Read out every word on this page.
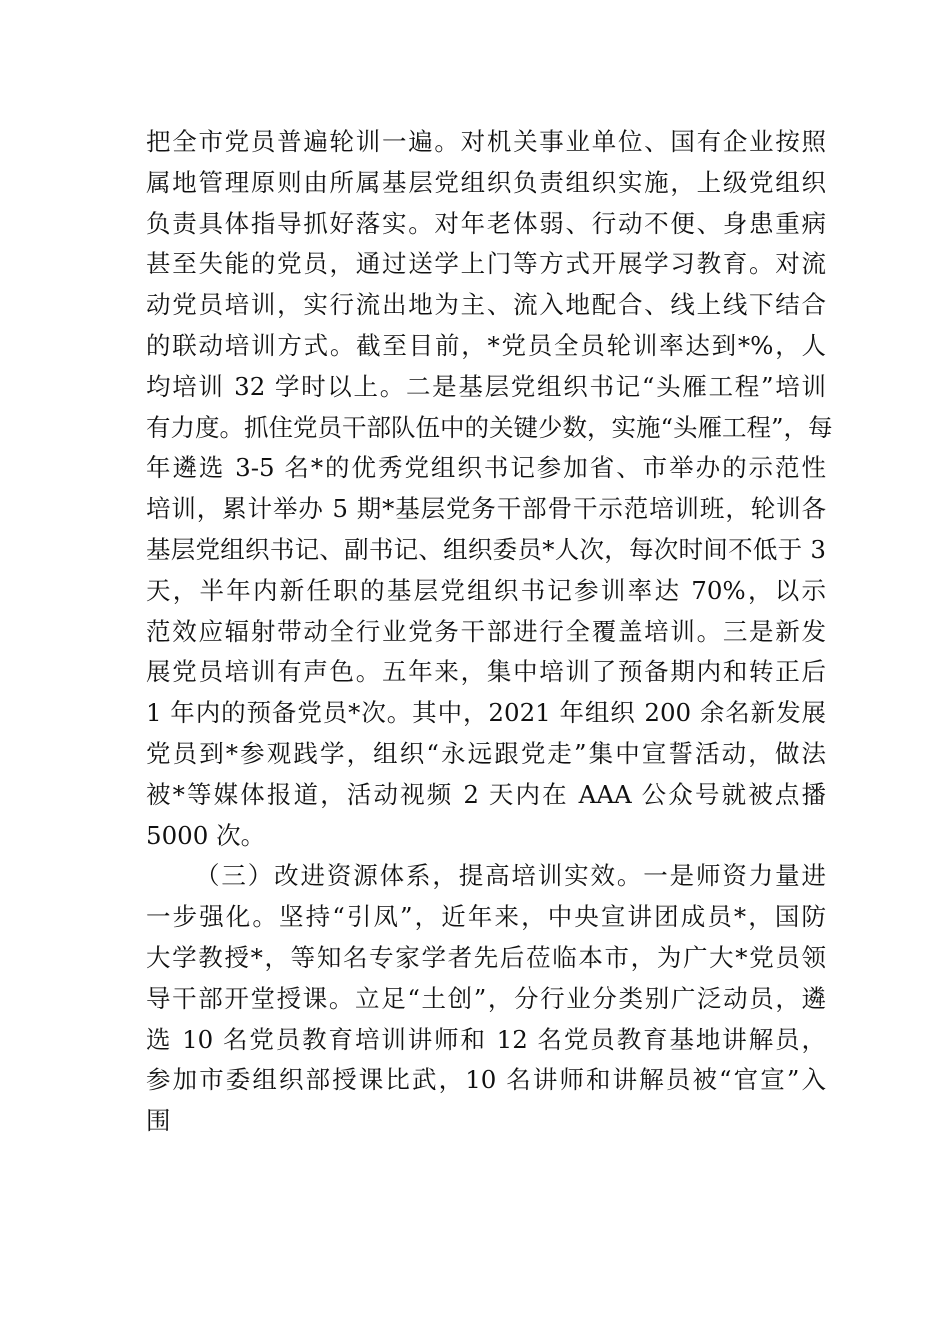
把全市党员普遍轮训一遍。对机关事业单位、国有企业按照
属地管理原则由所属基层党组织负责组织实施，上级党组织
负责具体指导抓好落实。对年老体弱、行动不便、身患重病
甚至失能的党员，通过送学上门等方式开展学习教育。对流
动党员培训，实行流出地为主、流入地配合、线上线下结合
的联动培训方式。截至目前，*党员全员轮训率达到*%，人
均培训 32 学时以上。二是基层党组织书记“头雁工程”培训
有力度。抓住党员干部队伍中的关键少数，实施“头雁工程”，每
年遴选 3-5 名*的优秀党组织书记参加省、市举办的示范性
培训，累计举办 5 期*基层党务干部骨干示范培训班，轮训各
基层党组织书记、副书记、组织委员*人次，每次时间不低于 3
天，半年内新任职的基层党组织书记参训率达 70%，以示
范效应辐射带动全行业党务干部进行全覆盖培训。三是新发
展党员培训有声色。五年来，集中培训了预备期内和转正后
1 年内的预备党员*次。其中，2021 年组织 200 余名新发展
党员到*参观践学，组织“永远跟党走”集中宣誓活动，做法
被*等媒体报道，活动视频 2 天内在 AAA 公众号就被点播
5000 次。
（三）改进资源体系，提高培训实效。一是师资力量进
一步强化。坚持“引凤”，近年来，中央宣讲团成员*，国防
大学教授*，等知名专家学者先后莅临本市，为广大*党员领
导干部开堂授课。立足“土创”，分行业分类别广泛动员，遴
选 10 名党员教育培训讲师和 12 名党员教育基地讲解员，
参加市委组织部授课比武，10 名讲师和讲解员被“官宣”入
围
